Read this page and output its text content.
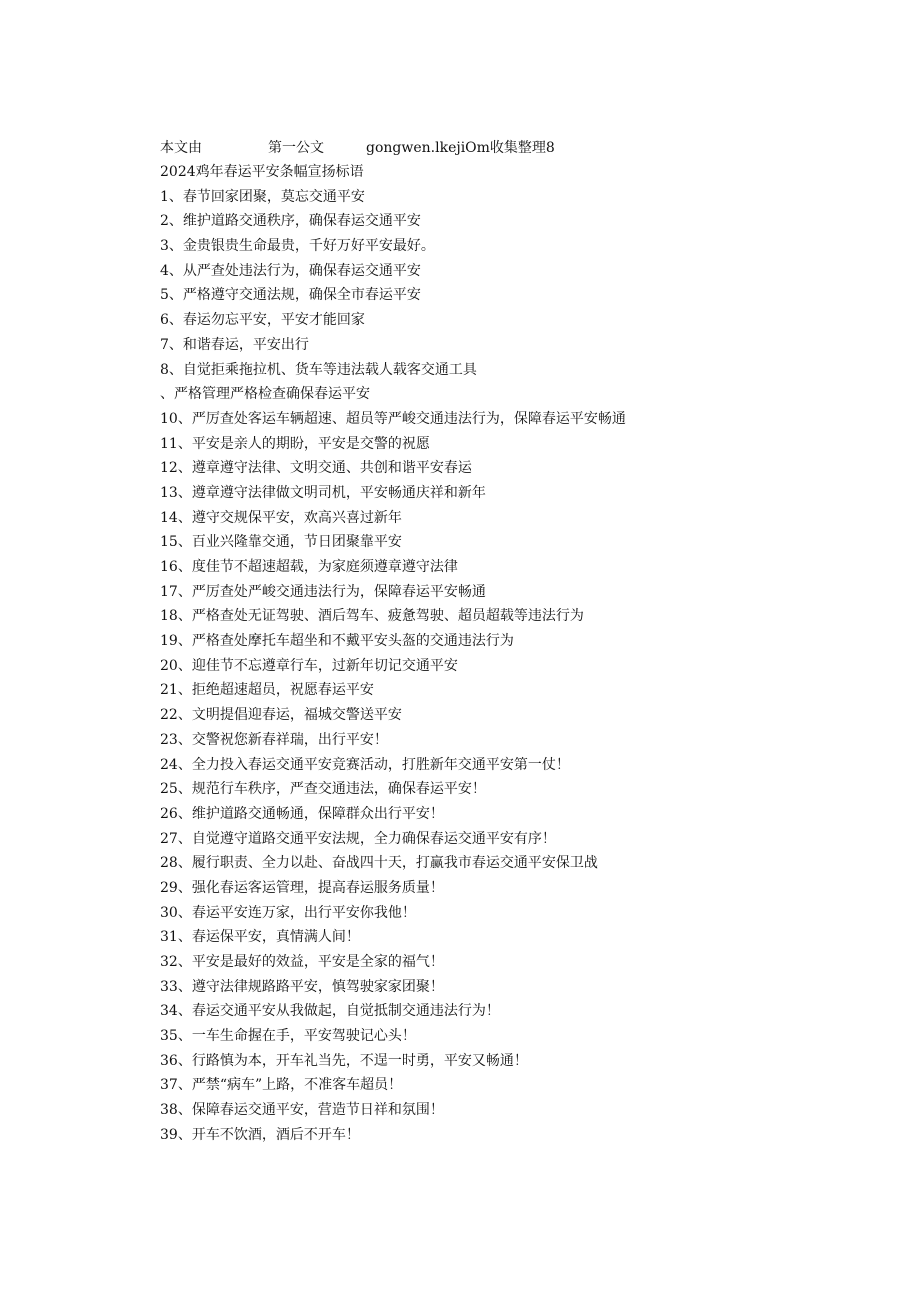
本文由	第一公文	gongwen.lkejiOm收集整理8
2024鸡年春运平安条幅宣扬标语
1、春节回家团聚，莫忘交通平安
2、维护道路交通秩序，确保春运交通平安
3、金贵银贵生命最贵，千好万好平安最好。
4、从严查处违法行为，确保春运交通平安
5、严格遵守交通法规，确保全市春运平安
6、春运勿忘平安，平安才能回家
7、和谐春运，平安出行
8、自觉拒乘拖拉机、货车等违法载人载客交通工具
、严格管理严格检查确保春运平安
10、严厉查处客运车辆超速、超员等严峻交通违法行为，保障春运平安畅通
11、平安是亲人的期盼，平安是交警的祝愿
12、遵章遵守法律、文明交通、共创和谐平安春运
13、遵章遵守法律做文明司机，平安畅通庆祥和新年
14、遵守交规保平安，欢高兴喜过新年
15、百业兴隆靠交通，节日团聚靠平安
16、度佳节不超速超载，为家庭须遵章遵守法律
17、严厉查处严峻交通违法行为，保障春运平安畅通
18、严格查处无证驾驶、酒后驾车、疲惫驾驶、超员超载等违法行为
19、严格查处摩托车超坐和不戴平安头盔的交通违法行为
20、迎佳节不忘遵章行车，过新年切记交通平安
21、拒绝超速超员，祝愿春运平安
22、文明提倡迎春运，福城交警送平安
23、交警祝您新春祥瑞，出行平安！
24、全力投入春运交通平安竞赛活动，打胜新年交通平安第一仗！
25、规范行车秩序，严查交通违法，确保春运平安！
26、维护道路交通畅通，保障群众出行平安！
27、自觉遵守道路交通平安法规，全力确保春运交通平安有序！
28、履行职责、全力以赴、奋战四十天，打赢我市春运交通平安保卫战
29、强化春运客运管理，提高春运服务质量！
30、春运平安连万家，出行平安你我他！
31、春运保平安，真情满人间！
32、平安是最好的效益，平安是全家的福气！
33、遵守法律规路路平安，慎驾驶家家团聚！
34、春运交通平安从我做起，自觉抵制交通违法行为！
35、一车生命握在手，平安驾驶记心头！
36、行路慎为本，开车礼当先，不逞一时勇，平安又畅通！
37、严禁“病车”上路，不准客车超员！
38、保障春运交通平安，营造节日祥和氛围！
39、开车不饮酒，酒后不开车！
